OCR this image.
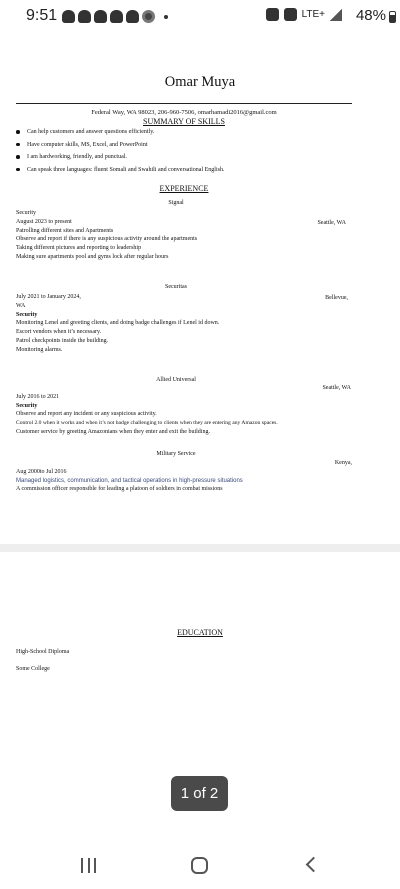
9:51	LTE+ 48%
Omar Muya
Federal Way, WA 98023, 206-960-7506, omarhamadi2016@gmail.com
SUMMARY OF SKILLS
Can help customers and answer questions efficiently.
Have computer skills, MS, Excel, and PowerPoint
I am hardworking, friendly, and punctual.
Can speak three languages: fluent Somali and Swahili and conversational English.
EXPERIENCE
Signal
Security
August 2023 to present	Seattle, WA
Patrolling different sites and Apartments
Observe and report if there is any suspicious activity around the apartments
Taking different pictures and reporting to leadership
Making sure apartments pool and gyms lock after regular hours
Securitas
July 2021 to January 2024,	Bellevue,
WA
Security
Monitoring Lenel and greeting clients, and doing badge challenges if Lenel id down.
Escort vendors when it’s necessary.
Patrol checkpoints inside the building.
Monitoring alarms.
Allied Universal
Seattle, WA
July 2016 to 2021
Security
Observe and report any incident or any suspicious activity.
Control 2.0 when it works and when it’s not badge challenging to clients when they are entering any Amazon spaces.
Customer service by greeting Amazonians when they enter and exit the building.
Military Service
Kenya,
Aug 2000to Jul 2016
Managed logistics, communication, and tactical operations in high-pressure situations
A commission officer responsible for leading a platoon of soldiers in combat missions
EDUCATION
High-School Diploma
Some College
1 of 2
